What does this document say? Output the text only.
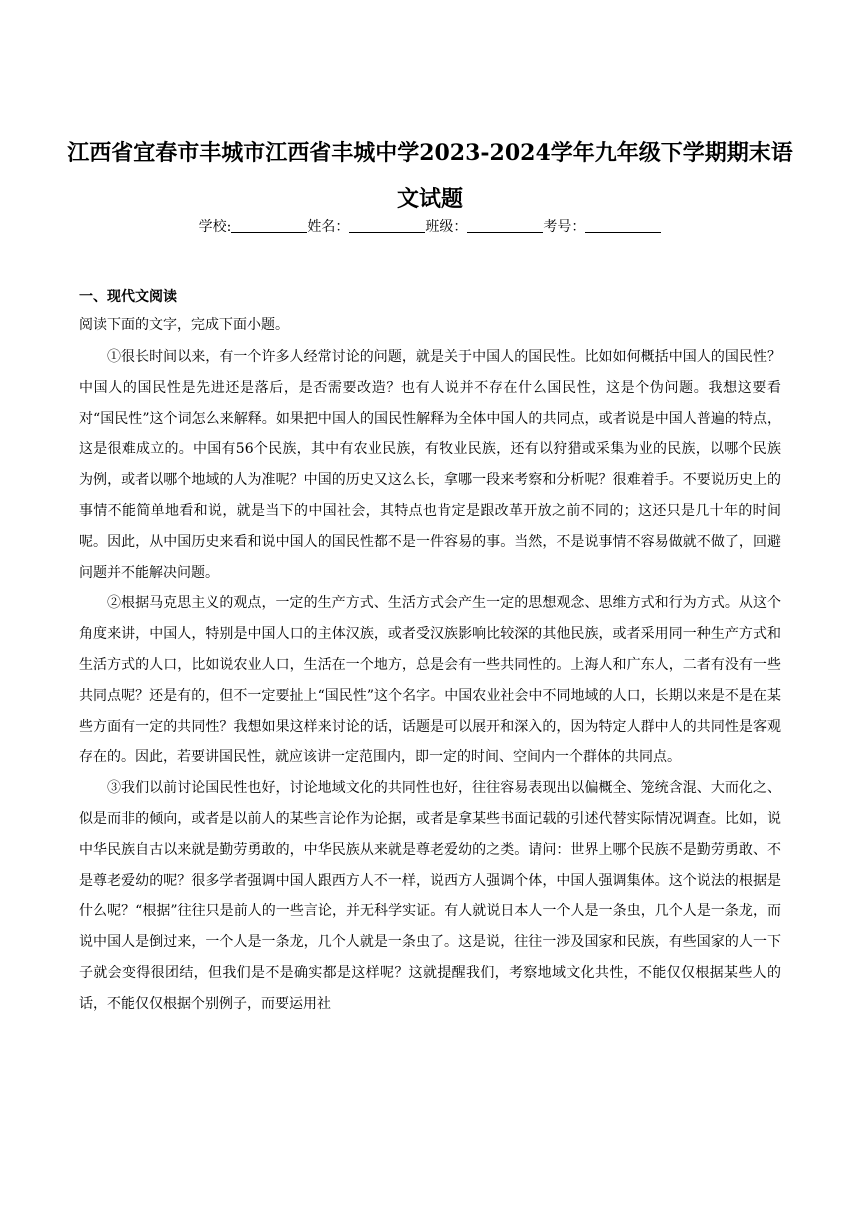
江西省宜春市丰城市江西省丰城中学2023-2024学年九年级下学期期末语文试题
学校:	姓名：	班级：	考号：
一、现代文阅读
阅读下面的文字，完成下面小题。

①很长时间以来，有一个许多人经常讨论的问题，就是关于中国人的国民性。比如如何概括中国人的国民性？中国人的国民性是先进还是落后，是否需要改造？也有人说并不存在什么国民性，这是个伪问题。我想这要看对“国民性”这个词怎么来解释。如果把中国人的国民性解释为全体中国人的共同点，或者说是中国人普遍的特点，这是很难成立的。中国有56个民族，其中有农业民族，有牧业民族，还有以狩猎或采集为业的民族，以哪个民族为例，或者以哪个地域的人为准呢？中国的历史又这么长，拿哪一段来考察和分析呢？很难着手。不要说历史上的事情不能简单地看和说，就是当下的中国社会，其特点也肯定是跟改革开放之前不同的；这还只是几十年的时间呢。因此，从中国历史来看和说中国人的国民性都不是一件容易的事。当然，不是说事情不容易做就不做了，回避问题并不能解决问题。

②根据马克思主义的观点，一定的生产方式、生活方式会产生一定的思想观念、思维方式和行为方式。从这个角度来讲，中国人，特别是中国人口的主体汉族，或者受汉族影响比较深的其他民族，或者采用同一种生产方式和生活方式的人口，比如说农业人口，生活在一个地方，总是会有一些共同性的。上海人和广东人，二者有没有一些共同点呢？还是有的，但不一定要扯上“国民性”这个名字。中国农业社会中不同地域的人口，长期以来是不是在某些方面有一定的共同性？我想如果这样来讨论的话，话题是可以展开和深入的，因为特定人群中人的共同性是客观存在的。因此，若要讲国民性，就应该讲一定范围内，即一定的时间、空间内一个群体的共同点。

③我们以前讨论国民性也好，讨论地域文化的共同性也好，往往容易表现出以偏概全、笼统含混、大而化之、似是而非的倾向，或者是以前人的某些言论作为论据，或者是拿某些书面记载的引述代替实际情况调查。比如，说中华民族自古以来就是勤劳勇敢的，中华民族从来就是尊老爱幼的之类。请问：世界上哪个民族不是勤劳勇敢、不是尊老爱幼的呢？很多学者强调中国人跟西方人不一样，说西方人强调个体，中国人强调集体。这个说法的根据是什么呢？“根据”往往只是前人的一些言论，并无科学实证。有人就说日本人一个人是一条虫，几个人是一条龙，而说中国人是倒过来，一个人是一条龙，几个人就是一条虫了。这是说，往往一涉及国家和民族，有些国家的人一下子就会变得很团结，但我们是不是确实都是这样呢？这就提醒我们，考察地域文化共性，不能仅仅根据某些人的话，不能仅仅根据个别例子，而要运用社
